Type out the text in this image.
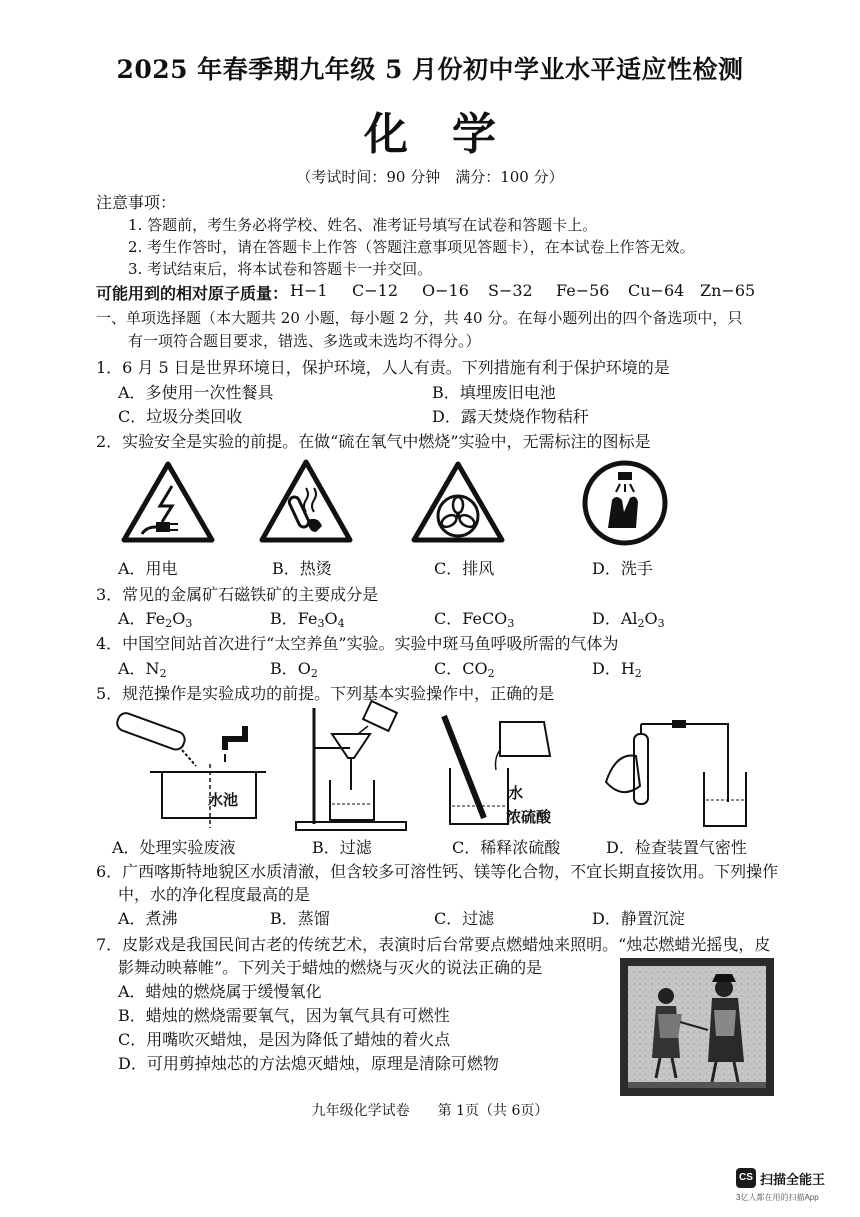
2025 年春季期九年级 5 月份初中学业水平适应性检测
化学
（考试时间：90 分钟　满分：100 分）
注意事项：
1. 答题前，考生务必将学校、姓名、准考证号填写在试卷和答题卡上。
2. 考生作答时，请在答题卡上作答（答题注意事项见答题卡），在本试卷上作答无效。
3. 考试结束后，将本试卷和答题卡一并交回。
可能用到的相对原子质量： H−1 C−12 O−16 S−32 Fe−56 Cu−64 Zn−65
一、单项选择题（本大题共 20 小题，每小题 2 分，共 40 分。在每小题列出的四个备选项中，只
有一项符合题目要求，错选、多选或未选均不得分。）
1．6 月 5 日是世界环境日，保护环境，人人有责。下列措施有利于保护环境的是
A．多使用一次性餐具	B．填埋废旧电池
C．垃圾分类回收	D．露天焚烧作物秸秆
2．实验安全是实验的前提。在做“硫在氧气中燃烧”实验中，无需标注的图标是
A．用电	B．热烫	C．排风	D．洗手
3．常见的金属矿石磁铁矿的主要成分是
A．$Fe_2O_3$	B．$Fe_3O_4$	C．FeCO$_3$	D．$Al_2O_3$
4．中国空间站首次进行“太空养鱼”实验。实验中斑马鱼呼吸所需的气体为
A．$N_2$	B．$O_2$	C．$CO_2$	D．$H_2$
5．规范操作是实验成功的前提。下列基本实验操作中，正确的是
水池	水
浓硫酸
A．处理实验废液	B．过滤	C．稀释浓硫酸	D．检查装置气密性
6．广西喀斯特地貌区水质清澈，但含较多可溶性钙、镁等化合物，不宜长期直接饮用。下列操作
中，水的净化程度最高的是
A．煮沸	B．蒸馏	C．过滤	D．静置沉淀
7．皮影戏是我国民间古老的传统艺术，表演时后台常要点燃蜡烛来照明。“烛芯燃蜡光摇曳，皮
影舞动映幕帷”。下列关于蜡烛的燃烧与灭火的说法正确的是
A．蜡烛的燃烧属于缓慢氧化
B．蜡烛的燃烧需要氧气，因为氧气具有可燃性
C．用嘴吹灭蜡烛，是因为降低了蜡烛的着火点
D．可用剪掉烛芯的方法熄灭蜡烛，原理是清除可燃物
九年级化学试卷　　第 1页（共 6页）
CS 扫描全能王
3亿人都在用的扫描App
